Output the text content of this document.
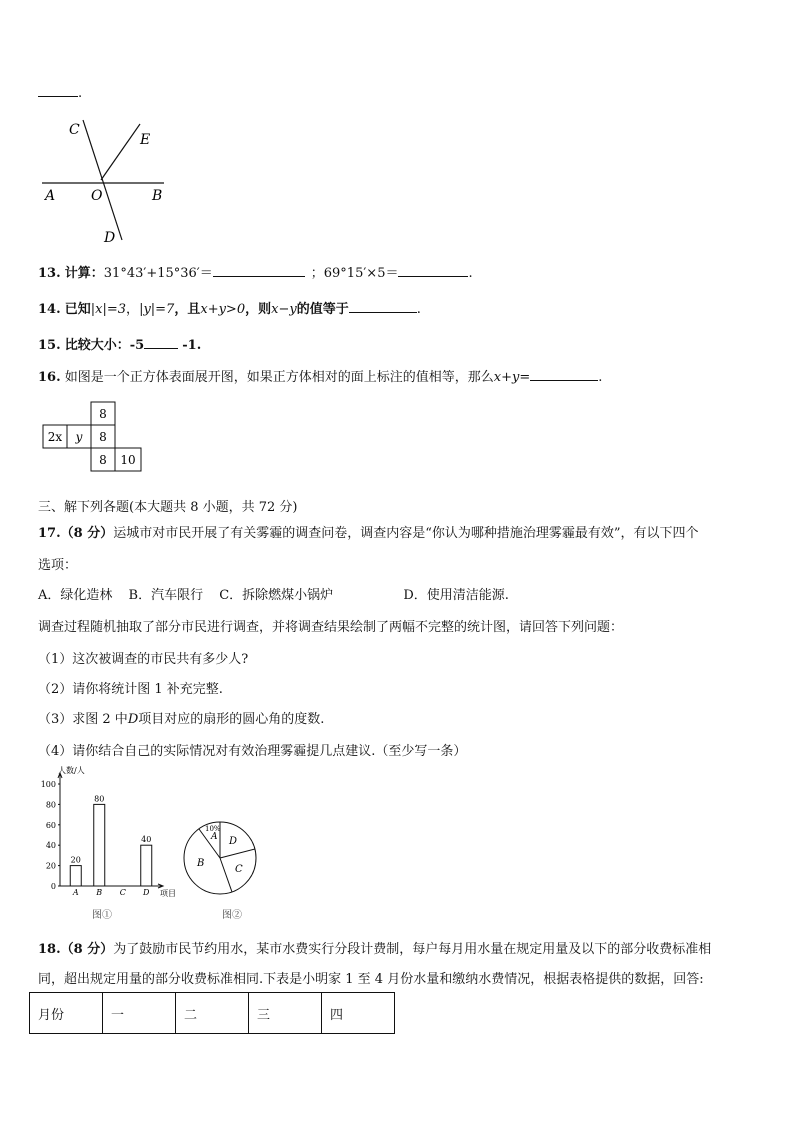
.
C
E
A	O	B
D
13. 计算：31°43′+15°36′＝	；69°15′×5＝	.
14. 已知|x|=3，|y|=7，且x+y>0，则x−y的值等于	.
15. 比较大小：-5	-1.
16. 如图是一个正方体表面展开图，如果正方体相对的面上标注的值相等，那么x+y=	.
8
2x y 8
8 10
三、解下列各题(本大题共 8 小题，共 72 分)
17.（8 分）运城市对市民开展了有关雾霾的调查问卷，调查内容是“你认为哪种措施治理雾霾最有效”，有以下四个
选项：
A．绿化造林 B．汽车限行 C．拆除燃煤小锅炉	D．使用清洁能源.
调查过程随机抽取了部分市民进行调查，并将调查结果绘制了两幅不完整的统计图，请回答下列问题：
（1）这次被调查的市民共有多少人?
（2）请你将统计图 1 补充完整.
（3）求图 2 中D项目对应的扇形的圆心角的度数.
（4）请你结合自己的实际情况对有效治理雾霾提几点建议.（至少写一条）
0
20
40
60
80
100
20
A
80
B C
40
D
人数/人
项目
图①
10%
A
B
C
D
图②
18.（8 分）为了鼓励市民节约用水，某市水费实行分段计费制，每户每月用水量在规定用量及以下的部分收费标准相
同，超出规定用量的部分收费标准相同.下表是小明家 1 至 4 月份水量和缴纳水费情况，根据表格提供的数据，回答:
月份	一	二	三	四
